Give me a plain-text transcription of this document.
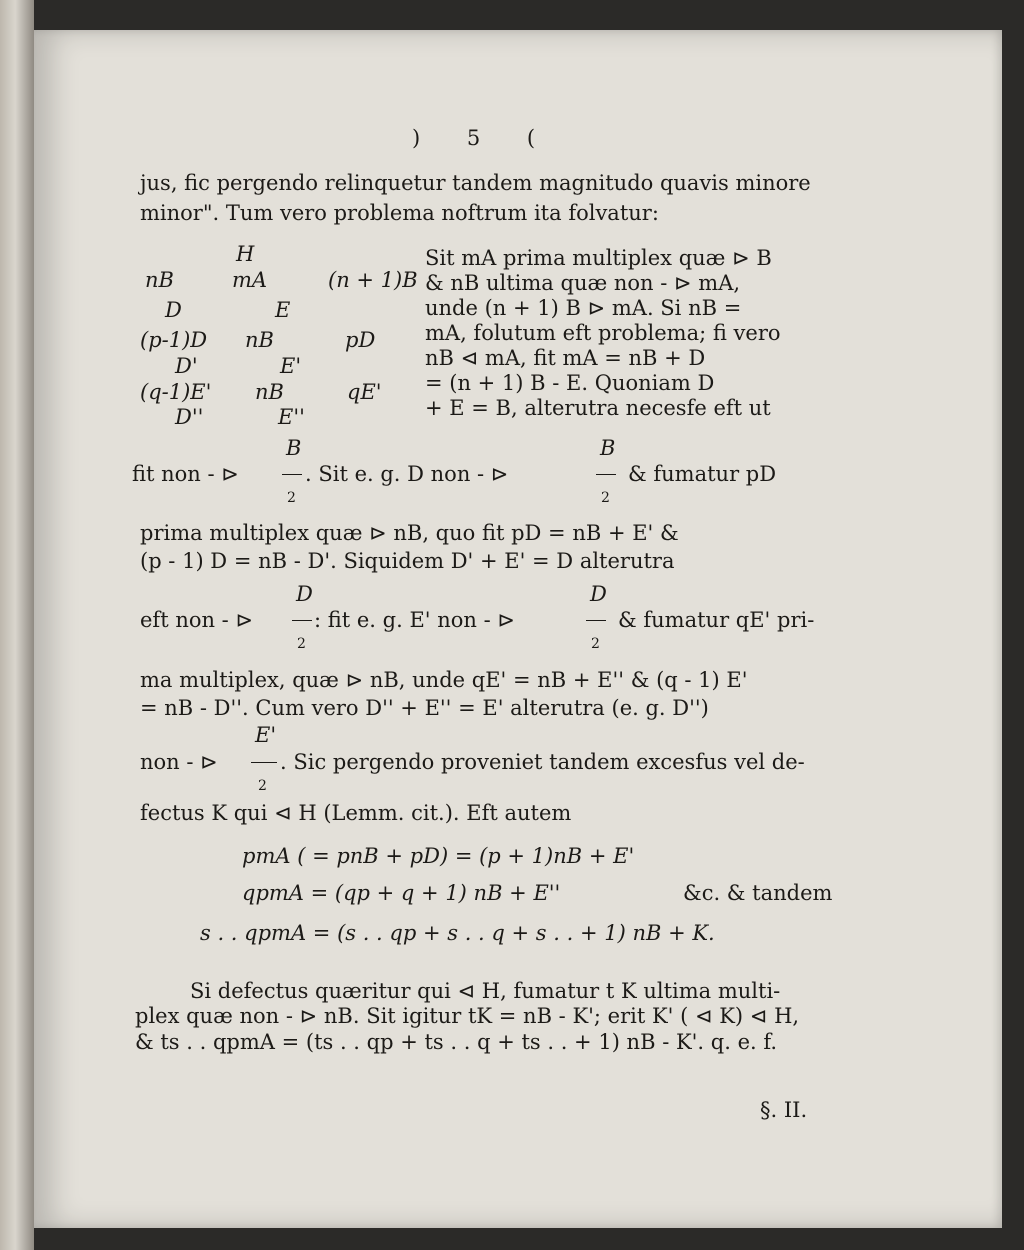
) 5 (
jus, fic pergendo relinquetur tandem magnitudo quavis minore
minor". Tum vero problema noftrum ita folvatur:
H
nB	mA	(n + 1)B
D	E
(p-1)D nB	pD
D'	E'
(q-1)E' nB	qE'
D''	E''
Sit mA prima multiplex quæ ⊳ B
& nB ultima quæ non - ⊳ mA,
unde (n + 1) B ⊳ mA. Si nB =
mA, folutum eft problema; fi vero
nB ⊲ mA, fit mA = nB + D
= (n + 1) B - E. Quoniam D
+ E = B, alterutra necesfe eft ut
fit non - ⊳
B
2
. Sit e. g. D non - ⊳
B
2
& fumatur pD
prima multiplex quæ ⊳ nB, quo fit pD = nB + E' &
(p - 1) D = nB - D'. Siquidem D' + E' = D alterutra
eft non - ⊳
D
2
: fit e. g. E' non - ⊳
D
2
& fumatur qE' pri-
ma multiplex, quæ ⊳ nB, unde qE' = nB + E'' & (q - 1) E'
= nB - D''. Cum vero D'' + E'' = E' alterutra (e. g. D'')
non - ⊳
E'
2
. Sic pergendo proveniet tandem excesfus vel de-
fectus K qui ⊲ H (Lemm. cit.). Eft autem
pmA ( = pnB + pD) = (p + 1)nB + E'
qpmA = (qp + q + 1) nB + E''	&c. & tandem
s . . qpmA = (s . . qp + s . . q + s . . + 1) nB + K.
Si defectus quæritur qui ⊲ H, fumatur t K ultima multi-
plex quæ non - ⊳ nB. Sit igitur tK = nB - K'; erit K' ( ⊲ K) ⊲ H,
& ts . . qpmA = (ts . . qp + ts . . q + ts . . + 1) nB - K'. q. e. f.
§. II.
